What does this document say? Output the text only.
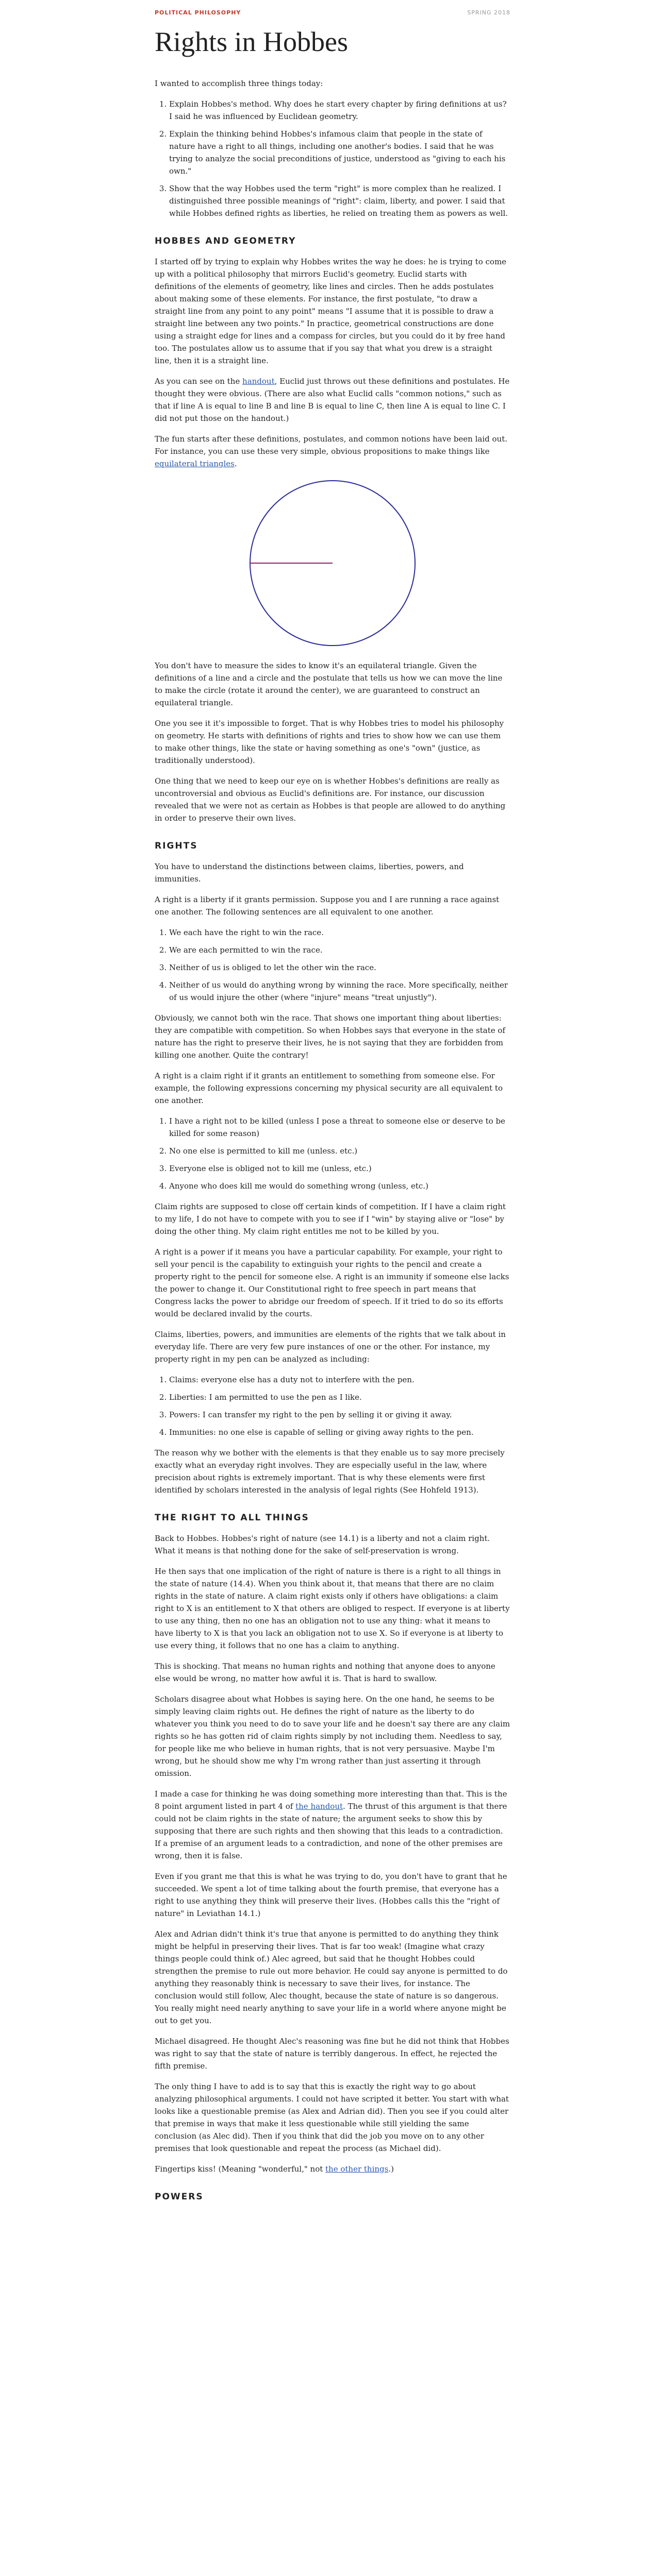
POLITICAL PHILOSOPHY	SPRING 2018
Rights in Hobbes

I wanted to accomplish three things today:

1. Explain Hobbes's method. Why does he start every chapter by firing definitions at us? I said he was influenced by Euclidean geometry.
2. Explain the thinking behind Hobbes's infamous claim that people in the state of nature have a right to all things, including one another's bodies. I said that he was trying to analyze the social preconditions of justice, understood as "giving to each his own."
3. Show that the way Hobbes used the term "right" is more complex than he realized. I distinguished three possible meanings of "right": claim, liberty, and power. I said that while Hobbes defined rights as liberties, he relied on treating them as powers as well.
HOBBES AND GEOMETRY

I started off by trying to explain why Hobbes writes the way he does: he is trying to come up with a political philosophy that mirrors Euclid's geometry. Euclid starts with definitions of the elements of geometry, like lines and circles. Then he adds postulates about making some of these elements. For instance, the first postulate, "to draw a straight line from any point to any point" means "I assume that it is possible to draw a straight line between any two points." In practice, geometrical constructions are done using a straight edge for lines and a compass for circles, but you could do it by free hand too. The postulates allow us to assume that if you say that what you drew is a straight line, then it is a straight line.

As you can see on the handout, Euclid just throws out these definitions and postulates. He thought they were obvious. (There are also what Euclid calls "common notions," such as that if line A is equal to line B and line B is equal to line C, then line A is equal to line C. I did not put those on the handout.)

The fun starts after these definitions, postulates, and common notions have been laid out. For instance, you can use these very simple, obvious propositions to make things like equilateral triangles.

You don't have to measure the sides to know it's an equilateral triangle. Given the definitions of a line and a circle and the postulate that tells us how we can move the line to make the circle (rotate it around the center), we are guaranteed to construct an equilateral triangle.

One you see it it's impossible to forget. That is why Hobbes tries to model his philosophy on geometry. He starts with definitions of rights and tries to show how we can use them to make other things, like the state or having something as one's "own" (justice, as traditionally understood).

One thing that we need to keep our eye on is whether Hobbes's definitions are really as uncontroversial and obvious as Euclid's definitions are. For instance, our discussion revealed that we were not as certain as Hobbes is that people are allowed to do anything in order to preserve their own lives.

RIGHTS

You have to understand the distinctions between claims, liberties, powers, and immunities.

A right is a liberty if it grants permission. Suppose you and I are running a race against one another. The following sentences are all equivalent to one another.

1. We each have the right to win the race.
2. We are each permitted to win the race.
3. Neither of us is obliged to let the other win the race.
4. Neither of us would do anything wrong by winning the race. More specifically, neither of us would injure the other (where "injure" means "treat unjustly").

Obviously, we cannot both win the race. That shows one important thing about liberties: they are compatible with competition. So when Hobbes says that everyone in the state of nature has the right to preserve their lives, he is not saying that they are forbidden from killing one another. Quite the contrary!

A right is a claim right if it grants an entitlement to something from someone else. For example, the following expressions concerning my physical security are all equivalent to one another.

1. I have a right not to be killed (unless I pose a threat to someone else or deserve to be killed for some reason)
2. No one else is permitted to kill me (unless. etc.)
3. Everyone else is obliged not to kill me (unless, etc.)
4. Anyone who does kill me would do something wrong (unless, etc.)

Claim rights are supposed to close off certain kinds of competition. If I have a claim right to my life, I do not have to compete with you to see if I "win" by staying alive or "lose" by doing the other thing. My claim right entitles me not to be killed by you.

A right is a power if it means you have a particular capability. For example, your right to sell your pencil is the capability to extinguish your rights to the pencil and create a property right to the pencil for someone else. A right is an immunity if someone else lacks the power to change it. Our Constitutional right to free speech in part means that Congress lacks the power to abridge our freedom of speech. If it tried to do so its efforts would be declared invalid by the courts.

Claims, liberties, powers, and immunities are elements of the rights that we talk about in everyday life. There are very few pure instances of one or the other. For instance, my property right in my pen can be analyzed as including:

1. Claims: everyone else has a duty not to interfere with the pen.
2. Liberties: I am permitted to use the pen as I like.
3. Powers: I can transfer my right to the pen by selling it or giving it away.
4. Immunities: no one else is capable of selling or giving away rights to the pen.

The reason why we bother with the elements is that they enable us to say more precisely exactly what an everyday right involves. They are especially useful in the law, where precision about rights is extremely important. That is why these elements were first identified by scholars interested in the analysis of legal rights (See Hohfeld 1913).

THE RIGHT TO ALL THINGS

Back to Hobbes. Hobbes's right of nature (see 14.1) is a liberty and not a claim right. What it means is that nothing done for the sake of self-preservation is wrong.

He then says that one implication of the right of nature is there is a right to all things in the state of nature (14.4). When you think about it, that means that there are no claim rights in the state of nature. A claim right exists only if others have obligations: a claim right to X is an entitlement to X that others are obliged to respect. If everyone is at liberty to use any thing, then no one has an obligation not to use any thing: what it means to have liberty to X is that you lack an obligation not to use X. So if everyone is at liberty to use every thing, it follows that no one has a claim to anything.

This is shocking. That means no human rights and nothing that anyone does to anyone else would be wrong, no matter how awful it is. That is hard to swallow.

Scholars disagree about what Hobbes is saying here. On the one hand, he seems to be simply leaving claim rights out. He defines the right of nature as the liberty to do whatever you think you need to do to save your life and he doesn't say there are any claim rights so he has gotten rid of claim rights simply by not including them. Needless to say, for people like me who believe in human rights, that is not very persuasive. Maybe I'm wrong, but he should show me why I'm wrong rather than just asserting it through omission.

I made a case for thinking he was doing something more interesting than that. This is the 8 point argument listed in part 4 of the handout. The thrust of this argument is that there could not be claim rights in the state of nature; the argument seeks to show this by supposing that there are such rights and then showing that this leads to a contradiction. If a premise of an argument leads to a contradiction, and none of the other premises are wrong, then it is false.

Even if you grant me that this is what he was trying to do, you don't have to grant that he succeeded. We spent a lot of time talking about the fourth premise, that everyone has a right to use anything they think will preserve their lives. (Hobbes calls this the "right of nature" in Leviathan 14.1.)

Alex and Adrian didn't think it's true that anyone is permitted to do anything they think might be helpful in preserving their lives. That is far too weak! (Imagine what crazy things people could think of.) Alec agreed, but said that he thought Hobbes could strengthen the premise to rule out more behavior. He could say anyone is permitted to do anything they reasonably think is necessary to save their lives, for instance. The conclusion would still follow, Alec thought, because the state of nature is so dangerous. You really might need nearly anything to save your life in a world where anyone might be out to get you.

Michael disagreed. He thought Alec's reasoning was fine but he did not think that Hobbes was right to say that the state of nature is terribly dangerous. In effect, he rejected the fifth premise.

The only thing I have to add is to say that this is exactly the right way to go about analyzing philosophical arguments. I could not have scripted it better. You start with what looks like a questionable premise (as Alex and Adrian did). Then you see if you could alter that premise in ways that make it less questionable while still yielding the same conclusion (as Alec did). Then if you think that did the job you move on to any other premises that look questionable and repeat the process (as Michael did).

Fingertips kiss! (Meaning "wonderful," not the other things.)

POWERS
